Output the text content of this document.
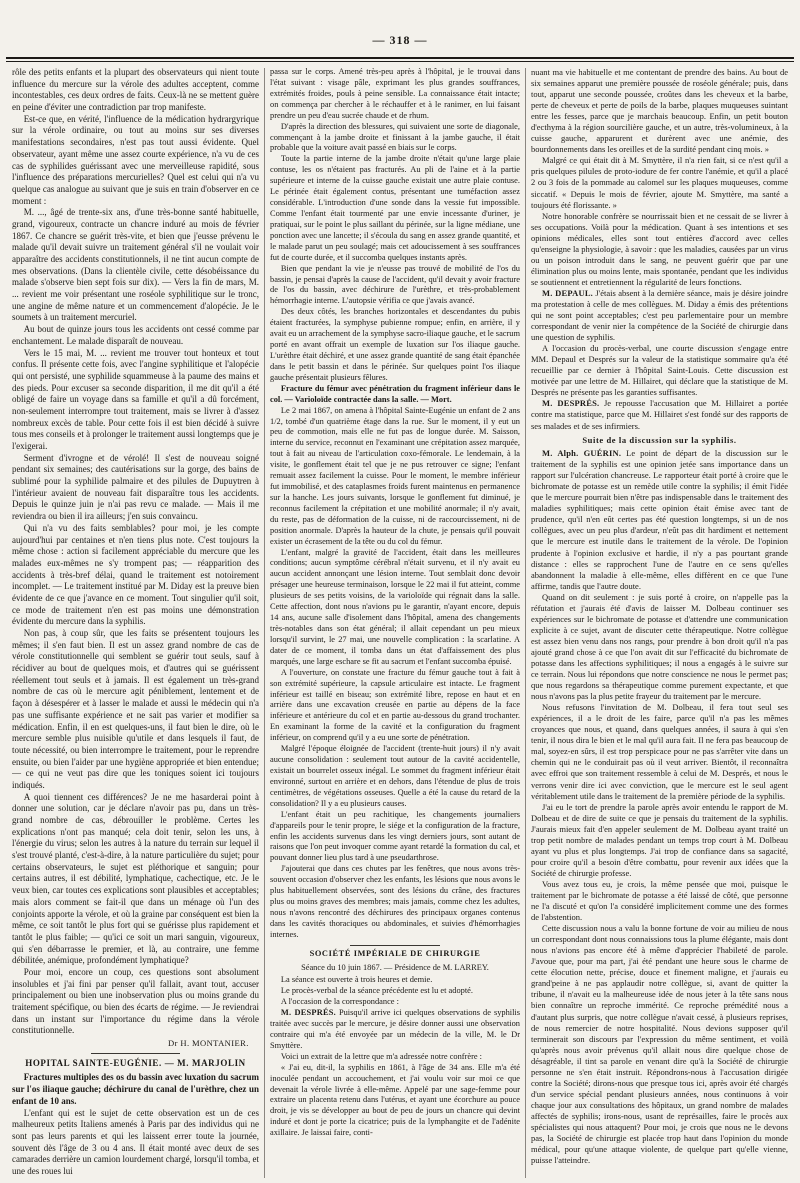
— 318 —

rôle des petits enfants et la plupart des observateurs qui nient toute influence du mercure sur la vérole des adultes acceptent, comme incontestables, ces deux ordres de faits. Ceux-là ne se mettent guère en peine d'éviter une contradiction par trop manifeste.

Est-ce que, en vérité, l'influence de la médication hydrargyrique sur la vérole ordinaire, ou tout au moins sur ses diverses manifestations secondaires, n'est pas tout aussi évidente. Quel observateur, ayant même une assez courte expérience, n'a vu de ces cas de syphilides guérissant avec une merveilleuse rapidité, sous l'influence des préparations mercurielles? Quel est celui qui n'a vu quelque cas analogue au suivant que je suis en train d'observer en ce moment :

M. ..., âgé de trente-six ans, d'une très-bonne santé habituelle, grand, vigoureux, contracte un chancre induré au mois de février 1867. Ce chancre se guérit très-vite, et bien que j'eusse prévenu le malade qu'il devait suivre un traitement général s'il ne voulait voir apparaître des accidents constitutionnels, il ne tint aucun compte de mes observations. (Dans la clientèle civile, cette désobéissance du malade s'observe bien sept fois sur dix). — Vers la fin de mars, M. ... revient me voir présentant une roséole syphilitique sur le tronc, une angine de même nature et un commencement d'alopécie. Je le soumets à un traitement mercuriel.

Au bout de quinze jours tous les accidents ont cessé comme par enchantement. Le malade disparaît de nouveau.

Vers le 15 mai, M. ... revient me trouver tout honteux et tout confus. Il présente cette fois, avec l'angine syphilitique et l'alopécie qui ont persisté, une syphilide squammeuse à la paume des mains et des pieds. Pour excuser sa seconde disparition, il me dit qu'il a été obligé de faire un voyage dans sa famille et qu'il a dû forcément, non-seulement interrompre tout traitement, mais se livrer à d'assez nombreux excès de table. Pour cette fois il est bien décidé à suivre tous mes conseils et à prolonger le traitement aussi longtemps que je l'exigerai.

Serment d'ivrogne et de vérolé! Il s'est de nouveau soigné pendant six semaines; des cautérisations sur la gorge, des bains de sublimé pour la syphilide palmaire et des pilules de Dupuytren à l'intérieur avaient de nouveau fait disparaître tous les accidents. Depuis le quinze juin je n'ai pas revu ce malade. — Mais il me reviendra ou bien il ira ailleurs; j'en suis convaincu.

Qui n'a vu des faits semblables? pour moi, je les compte aujourd'hui par centaines et n'en tiens plus note. C'est toujours la même chose : action si facilement appréciable du mercure que les malades eux-mêmes ne s'y trompent pas; — réapparition des accidents à très-bref délai, quand le traitement est notoirement incomplet. — Le traitement institué par M. Diday est la preuve bien évidente de ce que j'avance en ce moment. Tout singulier qu'il soit, ce mode de traitement n'en est pas moins une démonstration évidente du mercure dans la syphilis.

Non pas, à coup sûr, que les faits se présentent toujours les mêmes; il s'en faut bien. Il est un assez grand nombre de cas de vérole constitutionnelle qui semblent se guérir tout seuls, sauf à récidiver au bout de quelques mois, et d'autres qui se guérissent réellement tout seuls et à jamais. Il est également un très-grand nombre de cas où le mercure agit péniblement, lentement et de façon à désespérer et à lasser le malade et aussi le médecin qui n'a pas une suffisante expérience et ne sait pas varier et modifier sa médication. Enfin, il en est quelques-uns, il faut bien le dire, où le mercure semble plus nuisible qu'utile et dans lesquels il faut, de toute nécessité, ou bien interrompre le traitement, pour le reprendre ensuite, ou bien l'aider par une hygiène appropriée et bien entendue; — ce qui ne veut pas dire que les toniques soient ici toujours indiqués.

A quoi tiennent ces différences? Je ne me hasarderai point à donner une solution, car je déclare n'avoir pas pu, dans un très-grand nombre de cas, débrouiller le problème. Certes les explications n'ont pas manqué; cela doit tenir, selon les uns, à l'énergie du virus; selon les autres à la nature du terrain sur lequel il s'est trouvé planté, c'est-à-dire, à la nature particulière du sujet; pour certains observateurs, le sujet est pléthorique et sanguin; pour certains autres, il est débilité, lymphatique, cachectique, etc. Je le veux bien, car toutes ces explications sont plausibles et acceptables; mais alors comment se fait-il que dans un ménage où l'un des conjoints apporte la vérole, et où la graine par conséquent est bien la même, ce soit tantôt le plus fort qui se guérisse plus rapidement et tantôt le plus faible; — qu'ici ce soit un mari sanguin, vigoureux, qui s'en débarrasse le premier, et là, au contraire, une femme débilitée, anémique, profondément lymphatique?

Pour moi, encore un coup, ces questions sont absolument insolubles et j'ai fini par penser qu'il fallait, avant tout, accuser principalement ou bien une inobservation plus ou moins grande du traitement spécifique, ou bien des écarts de régime. — Je reviendrai dans un instant sur l'importance du régime dans la vérole constitutionnelle.

Dr H. MONTANIER.
HOPITAL SAINTE-EUGÉNIE. — M. MARJOLIN

Fractures multiples des os du bassin avec luxation du sacrum sur l'os iliaque gauche; déchirure du canal de l'urèthre, chez un enfant de 10 ans.

L'enfant qui est le sujet de cette observation est un de ces malheureux petits Italiens amenés à Paris par des individus qui ne sont pas leurs parents et qui les laissent errer toute la journée, souvent dès l'âge de 3 ou 4 ans. Il était monté avec deux de ses camarades derrière un camion lourdement chargé, lorsqu'il tomba, et une des roues lui

passa sur le corps. Amené très-peu après à l'hôpital, je le trouvai dans l'état suivant : visage pâle, exprimant les plus grandes souffrances, extrémités froides, pouls à peine sensible. La connaissance était intacte; on commença par chercher à le réchauffer et à le ranimer, en lui faisant prendre un peu d'eau sucrée chaude et de rhum.

D'après la direction des blessures, qui suivaient une sorte de diagonale, commençant à la jambe droite et finissant à la jambe gauche, il était probable que la voiture avait passé en biais sur le corps.

Toute la partie interne de la jambe droite n'était qu'une large plaie contuse, les os n'étaient pas fracturés. Au pli de l'aine et à la partie supérieure et interne de la cuisse gauche existait une autre plaie contuse. Le périnée était également contus, présentant une tuméfaction assez considérable. L'introduction d'une sonde dans la vessie fut impossible. Comme l'enfant était tourmenté par une envie incessante d'uriner, je pratiquai, sur le point le plus saillant du périnée, sur la ligne médiane, une ponction avec une lancette; il s'écoula du sang en assez grande quantité, et le malade parut un peu soulagé; mais cet adoucissement à ses souffrances fut de courte durée, et il succomba quelques instants après.

Bien que pendant la vie je n'eusse pas trouvé de mobilité de l'os du bassin, je pensai d'après la cause de l'accident, qu'il devait y avoir fracture de l'os du bassin, avec déchirure de l'urèthre, et très-probablement hémorrhagie interne. L'autopsie vérifia ce que j'avais avancé.

Des deux côtés, les branches horizontales et descendantes du pubis étaient fracturées, la symphyse pubienne rompue; enfin, en arrière, il y avait eu un arrachement de la symphyse sacro-iliaque gauche, et le sacrum porté en avant offrait un exemple de luxation sur l'os iliaque gauche. L'urèthre était déchiré, et une assez grande quantité de sang était épanchée dans le petit bassin et dans le périnée. Sur quelques point l'os iliaque gauche présentait plusieurs fêlures.

Fracture du fémur avec pénétration du fragment inférieur dans le col. — Varioloïde contractée dans la salle. — Mort.

Le 2 mai 1867, on amena à l'hôpital Sainte-Eugénie un enfant de 2 ans 1/2, tombé d'un quatrième étage dans la rue. Sur le moment, il y eut un peu de commotion, mais elle ne fut pas de longue durée. M. Saisson, interne du service, reconnut en l'examinant une crépitation assez marquée, tout à fait au niveau de l'articulation coxo-fémorale. Le lendemain, à la visite, le gonflement était tel que je ne pus retrouver ce signe; l'enfant remuait assez facilement la cuisse. Pour le moment, le membre inférieur fut immobilisé, et des cataplasmes froids furent maintenus en permanence sur la hanche. Les jours suivants, lorsque le gonflement fut diminué, je reconnus facilement la crépitation et une mobilité anormale; il n'y avait, du reste, pas de déformation de la cuisse, ni de raccourcissement, ni de position anormale. D'après la hauteur de la chute, je pensais qu'il pouvait exister un écrasement de la tête ou du col du fémur.

L'enfant, malgré la gravité de l'accident, était dans les meilleures conditions; aucun symptôme cérébral n'était survenu, et il n'y avait eu aucun accident annonçant une lésion interne. Tout semblait donc devoir présager une heureuse terminaison, lorsque le 22 mai il fut atteint, comme plusieurs de ses petits voisins, de la varioloïde qui régnait dans la salle. Cette affection, dont nous n'avions pu le garantir, n'ayant encore, depuis 14 ans, aucune salle d'isolement dans l'hôpital, amena des changements très-notables dans son état général; il allait cependant un peu mieux lorsqu'il survint, le 27 mai, une nouvelle complication : la scarlatine. A dater de ce moment, il tomba dans un état d'affaissement des plus marqués, une large eschare se fit au sacrum et l'enfant succomba épuisé.

A l'ouverture, on constate une fracture du fémur gauche tout à fait à son extrémité supérieure, la capsule articulaire est intacte. Le fragment inférieur est taillé en biseau; son extrémité libre, repose en haut et en arrière dans une excavation creusée en partie au dépens de la face inférieure et antérieure du col et en partie au-dessous du grand trochanter. En examinant la forme de la cavité et la configuration du fragment inférieur, on comprend qu'il y a eu une sorte de pénétration.

Malgré l'époque éloignée de l'accident (trente-huit jours) il n'y avait aucune consolidation : seulement tout autour de la cavité accidentelle, existait un bourrelet osseux inégal. Le sommet du fragment inférieur était environné, surtout en arrière et en dehors, dans l'étendue de plus de trois centimètres, de végétations osseuses. Quelle a été la cause du retard de la consolidation? Il y a eu plusieurs causes.

L'enfant était un peu rachitique, les changements journaliers d'appareils pour le tenir propre, le siége et la configuration de la fracture, enfin les accidents survenus dans les vingt derniers jours, sont autant de raisons que l'on peut invoquer comme ayant retardé la formation du cal, et pouvant donner lieu plus tard à une pseudarthrose.

J'ajouterai que dans ces chutes par les fenêtres, que nous avons très-souvent occasion d'observer chez les enfants, les lésions que nous avons le plus habituellement observées, sont des lésions du crâne, des fractures plus ou moins graves des membres; mais jamais, comme chez les adultes, nous n'avons rencontré des déchirures des principaux organes contenus dans les cavités thoraciques ou abdominales, et suivies d'hémorrhagies internes.

SOCIÉTÉ IMPÉRIALE DE CHIRURGIE

Séance du 10 juin 1867. — Présidence de M. LARREY.

La séance est ouverte à trois heures et demie.

Le procès-verbal de la séance précédente est lu et adopté.

A l'occasion de la correspondance :

M. DESPRÉS. Puisqu'il arrive ici quelques observations de syphilis traitée avec succès par le mercure, je désire donner aussi une observation contraire qui m'a été envoyée par un médecin de la ville, M. le Dr Smyttère.

Voici un extrait de la lettre que m'a adressée notre confrère :

« J'ai eu, dit-il, la syphilis en 1861, à l'âge de 34 ans. Elle m'a été inoculée pendant un accouchement, et j'ai voulu voir sur moi ce que devenait la vérole livrée à elle-même. Appelé par une sage-femme pour extraire un placenta retenu dans l'utérus, et ayant une écorchure au pouce droit, je vis se développer au bout de peu de jours un chancre qui devint induré et dont je porte la cicatrice; puis de la lymphangite et de l'adénite axillaire. Je laissai faire, conti-

nuant ma vie habituelle et me contentant de prendre des bains. Au bout de six semaines apparut une première poussée de roséole générale; puis, dans tout, apparut une seconde poussée, croûtes dans les cheveux et la barbe, perte de cheveux et perte de poils de la barbe, plaques muqueuses suintant entre les fesses, parce que je marchais beaucoup. Enfin, un petit bouton d'ecthyma à la région sourcilière gauche, et un autre, très-volumineux, à la cuisse gauche, apparurent et durèrent avec une anémie, des bourdonnements dans les oreilles et de la surdité pendant cinq mois. »

Malgré ce qui était dit à M. Smyttère, il n'a rien fait, si ce n'est qu'il a pris quelques pilules de proto-iodure de fer contre l'anémie, et qu'il a placé 2 ou 3 fois de la pommade au calomel sur les plaques muqueuses, comme siccatif. « Depuis le mois de février, ajoute M. Smyttère, ma santé a toujours été florissante. »

Notre honorable confrère se nourrissait bien et ne cessait de se livrer à ses occupations. Voilà pour la médication. Quant à ses intentions et ses opinions médicales, elles sont tout entières d'accord avec celles qu'enseigne la physiologie, à savoir : que les maladies, causées par un virus ou un poison introduit dans le sang, ne peuvent guérir que par une élimination plus ou moins lente, mais spontanée, pendant que les individus se soutiennent et entretiennent la régularité de leurs fonctions.

M. DEPAUL. J'étais absent à la dernière séance, mais je désire joindre ma protestation à celle de mes collègues. M. Diday a émis des prétentions qui ne sont point acceptables; c'est peu parlementaire pour un membre correspondant de venir nier la compétence de la Société de chirurgie dans une question de syphilis.

A l'occasion du procès-verbal, une courte discussion s'engage entre MM. Depaul et Després sur la valeur de la statistique sommaire qu'a été recueillie par ce dernier à l'hôpital Saint-Louis. Cette discussion est motivée par une lettre de M. Hillairet, qui déclare que la statistique de M. Després ne présente pas les garanties suffisantes.

M. DESPRÉS. Je repousse l'accusation que M. Hillairet a portée contre ma statistique, parce que M. Hillairet s'est fondé sur des rapports de ses malades et de ses infirmiers.

Suite de la discussion sur la syphilis.

M. Alph. GUÉRIN. Le point de départ de la discussion sur le traitement de la syphilis est une opinion jetée sans importance dans un rapport sur l'ulcération chancreuse. Le rapporteur était porté à croire que le bichromate de potasse est un remède utile contre la syphilis; il émit l'idée que le mercure pourrait bien n'être pas indispensable dans le traitement des maladies syphilitiques; mais cette opinion était émise avec tant de prudence, qu'il n'en eût certes pas été question longtemps, si un de nos collègues, avec un peu plus d'ardeur, n'eût pas dit hardiment et nettement que le mercure est inutile dans le traitement de la vérole. De l'opinion prudente à l'opinion exclusive et hardie, il n'y a pas pourtant grande distance : elles se rapprochent l'une de l'autre en ce sens qu'elles abandonnent la maladie à elle-même, elles diffèrent en ce que l'une affirme, tandis que l'autre doute.

Quand on dit seulement : je suis porté à croire, on n'appelle pas la réfutation et j'aurais été d'avis de laisser M. Dolbeau continuer ses expériences sur le bichromate de potasse et d'attendre une communication explicite à ce sujet, avant de discuter cette thérapeutique. Notre collègue est assez bien venu dans nos rangs, pour prendre à bon droit qu'il n'a pas ajouté grand chose à ce que l'on avait dit sur l'efficacité du bichromate de potasse dans les affections syphilitiques; il nous a engagés à le suivre sur ce terrain. Nous lui répondons que notre conscience ne nous le permet pas; que nous regardons sa thérapeutique comme purement expectante, et que nous n'avons pas la plus petite frayeur du traitement par le mercure.

Nous refusons l'invitation de M. Dolbeau, il fera tout seul ses expériences, il a le droit de les faire, parce qu'il n'a pas les mêmes croyances que nous, et quand, dans quelques années, il saura à qui s'en tenir, il nous dira le bien et le mal qu'il aura fait. Il ne fera pas beaucoup de mal, soyez-en sûrs, il est trop perspicace pour ne pas s'arrêter vite dans un chemin qui ne le conduirait pas où il veut arriver. Bientôt, il reconnaîtra avec effroi que son traitement ressemble à celui de M. Després, et nous le verrons venir dire ici avec conviction, que le mercure est le seul agent véritablement utile dans le traitement de la première période de la syphilis.

J'ai eu le tort de prendre la parole après avoir entendu le rapport de M. Dolbeau et de dire de suite ce que je pensais du traitement de la syphilis. J'aurais mieux fait d'en appeler seulement de M. Dolbeau ayant traité un trop petit nombre de malades pendant un temps trop court à M. Dolbeau ayant vu plus et plus longtemps. J'ai trop de confiance dans sa sagacité, pour croire qu'il a besoin d'être combattu, pour revenir aux idées que la Société de chirurgie professe.

Vous avez tous eu, je crois, la même pensée que moi, puisque le traitement par le bichromate de potasse a été laissé de côté, que personne ne l'a discuté et qu'on l'a considéré implicitement comme une des formes de l'abstention.

Cette discussion nous a valu la bonne fortune de voir au milieu de nous un correspondant dont nous connaissions tous la plume élégante, mais dont nous n'avions pas encore été à même d'apprécier l'habileté de parole. J'avoue que, pour ma part, j'ai été pendant une heure sous le charme de cette élocution nette, précise, douce et finement maligne, et j'aurais eu grand'peine à ne pas applaudir notre collègue, si, avant de quitter la tribune, il n'avait eu la malheureuse idée de nous jeter à la tête sans nous bien connaître un reproche immérité. Ce reproche prémédité nous a d'autant plus surpris, que notre collègue n'avait cessé, à plusieurs reprises, de nous remercier de notre hospitalité. Nous devions supposer qu'il terminerait son discours par l'expression du même sentiment, et voilà qu'après nous avoir prévenus qu'il allait nous dire quelque chose de désagréable, il tint sa parole en venant dire qu'à la Société de chirurgie personne ne s'en était instruit. Répondrons-nous à l'accusation dirigée contre la Société; dirons-nous que presque tous ici, après avoir été chargés d'un service spécial pendant plusieurs années, nous continuons à voir chaque jour aux consultations des hôpitaux, un grand nombre de malades affectés de syphilis; irons-nous, usant de représailles, faire le procès aux spécialistes qui nous attaquent? Pour moi, je crois que nous ne le devons pas, la Société de chirurgie est placée trop haut dans l'opinion du monde médical, pour qu'une attaque violente, de quelque part qu'elle vienne, puisse l'atteindre.
